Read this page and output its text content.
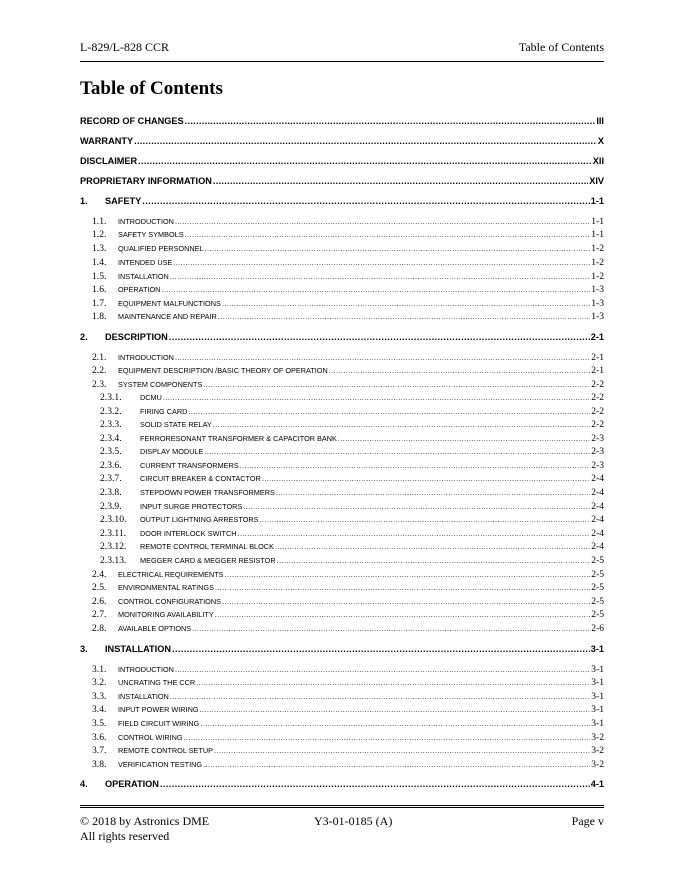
L-829/L-828 CCR	Table of Contents
Table of Contents
RECORD OF CHANGES .....	III
WARRANTY .....	X
DISCLAIMER .....	XII
PROPRIETARY INFORMATION .....	XIV
1.	SAFETY .....	1-1
1.1.	INTRODUCTION .....	1-1
1.2.	SAFETY SYMBOLS .....	1-1
1.3.	QUALIFIED PERSONNEL .....	1-2
1.4.	INTENDED USE .....	1-2
1.5.	INSTALLATION .....	1-2
1.6.	OPERATION .....	1-3
1.7.	EQUIPMENT MALFUNCTIONS .....	1-3
1.8.	MAINTENANCE AND REPAIR .....	1-3
2.	DESCRIPTION .....	2-1
2.1.	INTRODUCTION .....	2-1
2.2.	EQUIPMENT DESCRIPTION /BASIC THEORY OF OPERATION .....	2-1
2.3.	SYSTEM COMPONENTS .....	2-2
2.3.1.	DCMU .....	2-2
2.3.2.	FIRING CARD .....	2-2
2.3.3.	SOLID STATE RELAY .....	2-2
2.3.4.	FERRORESONANT TRANSFORMER & CAPACITOR BANK .....	2-3
2.3.5.	DISPLAY MODULE .....	2-3
2.3.6.	CURRENT TRANSFORMERS .....	2-3
2.3.7.	CIRCUIT BREAKER & CONTACTOR .....	2-4
2.3.8.	STEPDOWN POWER TRANSFORMERS .....	2-4
2.3.9.	INPUT SURGE PROTECTORS .....	2-4
2.3.10.	OUTPUT LIGHTNING ARRESTORS .....	2-4
2.3.11.	DOOR INTERLOCK SWITCH .....	2-4
2.3.12.	REMOTE CONTROL TERMINAL BLOCK .....	2-4
2.3.13.	MEGGER CARD & MEGGER RESISTOR .....	2-5
2.4.	ELECTRICAL REQUIREMENTS .....	2-5
2.5.	ENVIRONMENTAL RATINGS .....	2-5
2.6.	CONTROL CONFIGURATIONS .....	2-5
2.7.	MONITORING AVAILABILITY .....	2-5
2.8.	AVAILABLE OPTIONS .....	2-6
3.	INSTALLATION .....	3-1
3.1.	INTRODUCTION .....	3-1
3.2.	UNCRATING THE CCR .....	3-1
3.3.	INSTALLATION .....	3-1
3.4.	INPUT POWER WIRING .....	3-1
3.5.	FIELD CIRCUIT WIRING .....	3-1
3.6.	CONTROL WIRING .....	3-2
3.7.	REMOTE CONTROL SETUP .....	3-2
3.8.	VERIFICATION TESTING .....	3-2
4.	OPERATION .....	4-1
© 2018 by Astronics DME
All rights reserved
Y3-01-0185 (A)	Page v
